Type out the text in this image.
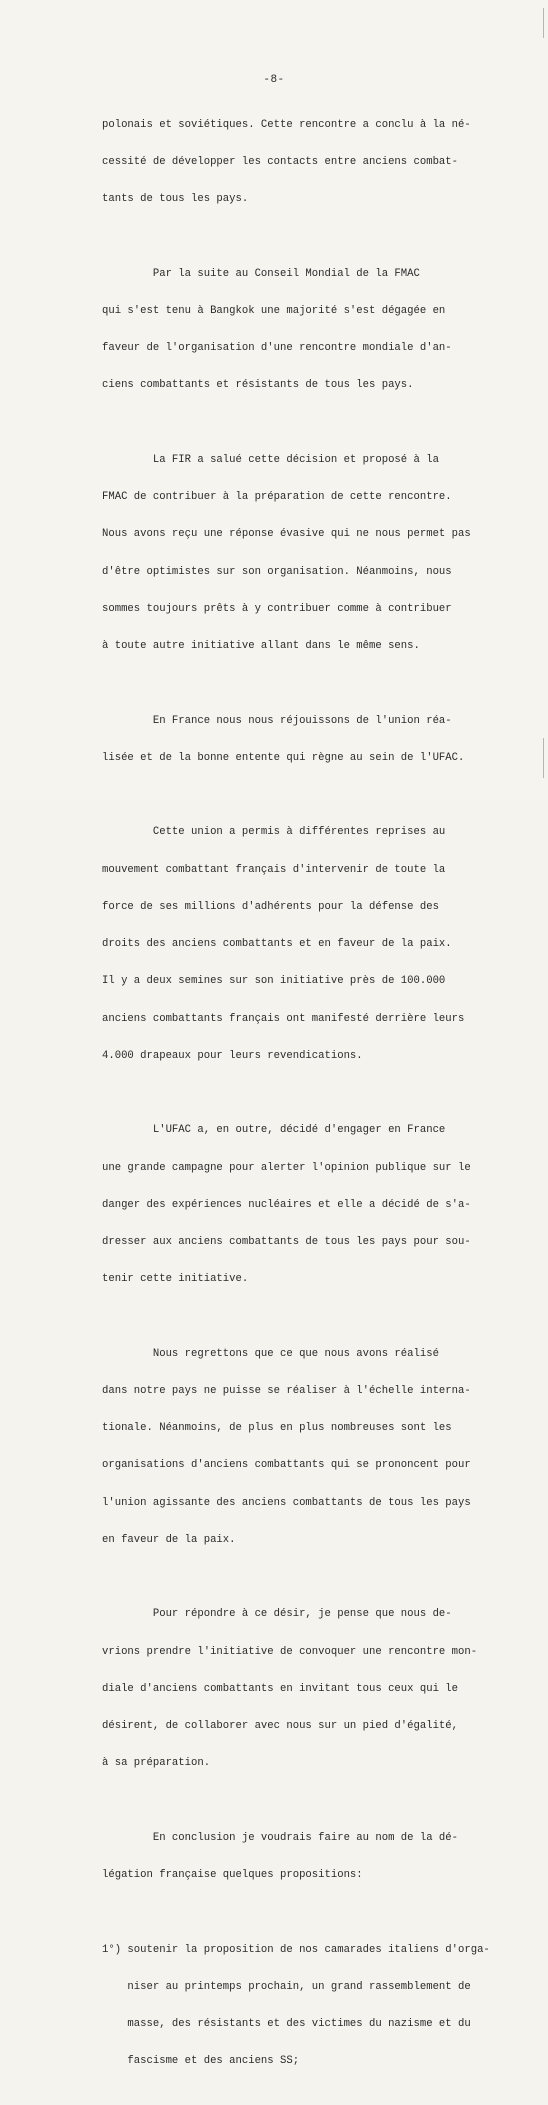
-8-

polonais et soviétiques. Cette rencontre a conclu à la né-

cessité de développer les contacts entre anciens combat-

tants de tous les pays.

Par la suite au Conseil Mondial de la FMAC

qui s'est tenu à Bangkok une majorité s'est dégagée en

faveur de l'organisation d'une rencontre mondiale d'an-

ciens combattants et résistants de tous les pays.

La FIR a salué cette décision et proposé à la

FMAC de contribuer à la préparation de cette rencontre.

Nous avons reçu une réponse évasive qui ne nous permet pas

d'être optimistes sur son organisation. Néanmoins, nous

sommes toujours prêts à y contribuer comme à contribuer

à toute autre initiative allant dans le même sens.

En France nous nous réjouissons de l'union réa-

lisée et de la bonne entente qui règne au sein de l'UFAC.

Cette union a permis à différentes reprises au

mouvement combattant français d'intervenir de toute la

force de ses millions d'adhérents pour la défense des

droits des anciens combattants et en faveur de la paix.

Il y a deux semines sur son initiative près de 100.000

anciens combattants français ont manifesté derrière leurs

4.000 drapeaux pour leurs revendications.

L'UFAC a, en outre, décidé d'engager en France

une grande campagne pour alerter l'opinion publique sur le

danger des expériences nucléaires et elle a décidé de s'a-

dresser aux anciens combattants de tous les pays pour sou-

tenir cette initiative.

Nous regrettons que ce que nous avons réalisé

dans notre pays ne puisse se réaliser à l'échelle interna-

tionale. Néanmoins, de plus en plus nombreuses sont les

organisations d'anciens combattants qui se prononcent pour

l'union agissante des anciens combattants de tous les pays

en faveur de la paix.

Pour répondre à ce désir, je pense que nous de-

vrions prendre l'initiative de convoquer une rencontre mon-

diale d'anciens combattants en invitant tous ceux qui le

désirent, de collaborer avec nous sur un pied d'égalité,

à sa préparation.

En conclusion je voudrais faire au nom de la dé-

légation française quelques propositions:

1°) soutenir la proposition de nos camarades italiens d'orga-

niser au printemps prochain, un grand rassemblement de

masse, des résistants et des victimes du nazisme et du

fascisme et des anciens SS;
